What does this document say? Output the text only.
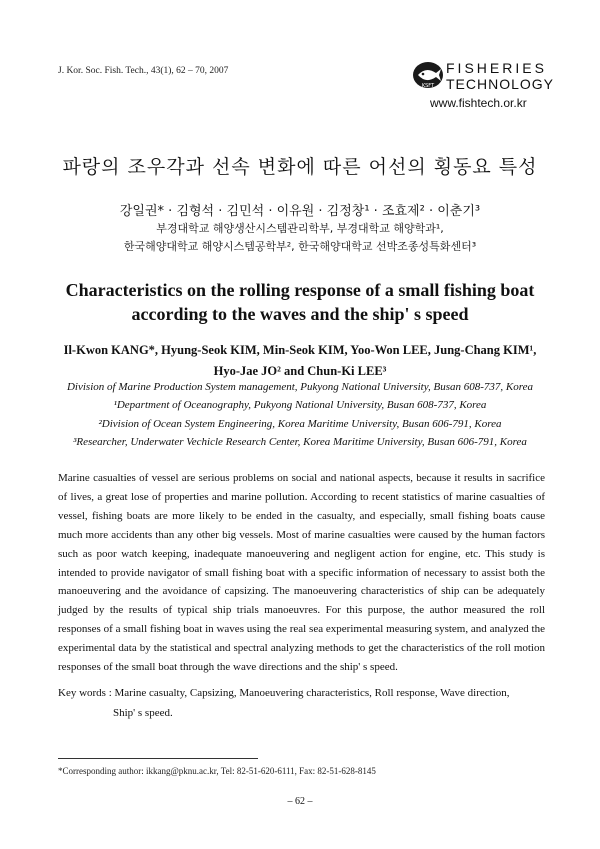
J. Kor. Soc. Fish. Tech., 43(1), 62 – 70, 2007
KSFT
FISHERIES
TECHNOLOGY
www.fishtech.or.kr
파랑의 조우각과 선속 변화에 따른 어선의 횡동요 특성
강일권* · 김형석 · 김민석 · 이유원 · 김정창¹ · 조효제² · 이춘기³
부경대학교 해양생산시스템관리학부, 부경대학교 해양학과¹,
한국해양대학교 해양시스템공학부², 한국해양대학교 선박조종성특화센터³
Characteristics on the rolling response of a small fishing boat
according to the waves and the ship' s speed
Il-Kwon KANG*, Hyung-Seok KIM, Min-Seok KIM, Yoo-Won LEE, Jung-Chang KIM¹,
Hyo-Jae JO² and Chun-Ki LEE³
Division of Marine Production System management, Pukyong National University, Busan 608-737, Korea
¹Department of Oceanography, Pukyong National University, Busan 608-737, Korea
²Division of Ocean System Engineering, Korea Maritime University, Busan 606-791, Korea
³Researcher, Underwater Vechicle Research Center, Korea Maritime University, Busan 606-791, Korea

Marine casualties of vessel are serious problems on social and national aspects, because it results in sacrifice of lives, a great lose of properties and marine pollution. According to recent statistics of marine casualties of vessel, fishing boats are more likely to be ended in the casualty, and especially, small fishing boats cause much more accidents than any other big vessels. Most of marine casualties were caused by the human factors such as poor watch keeping, inadequate manoeuvering and negligent action for engine, etc. This study is intended to provide navigator of small fishing boat with a specific information of necessary to assist both the manoeuvering and the avoidance of capsizing. The manoeuvering characteristics of ship can be adequately judged by the results of typical ship trials manoeuvres. For this purpose, the author measured the roll responses of a small fishing boat in waves using the real sea experimental measuring system, and analyzed the experimental data by the statistical and spectral analyzing methods to get the characteristics of the roll motion responses of the small boat through the wave directions and the ship' s speed.

Key words : Marine casualty, Capsizing, Manoeuvering characteristics, Roll response, Wave direction,
Ship' s speed.
*Corresponding author: ikkang@pknu.ac.kr, Tel: 82-51-620-6111, Fax: 82-51-628-8145
– 62 –
